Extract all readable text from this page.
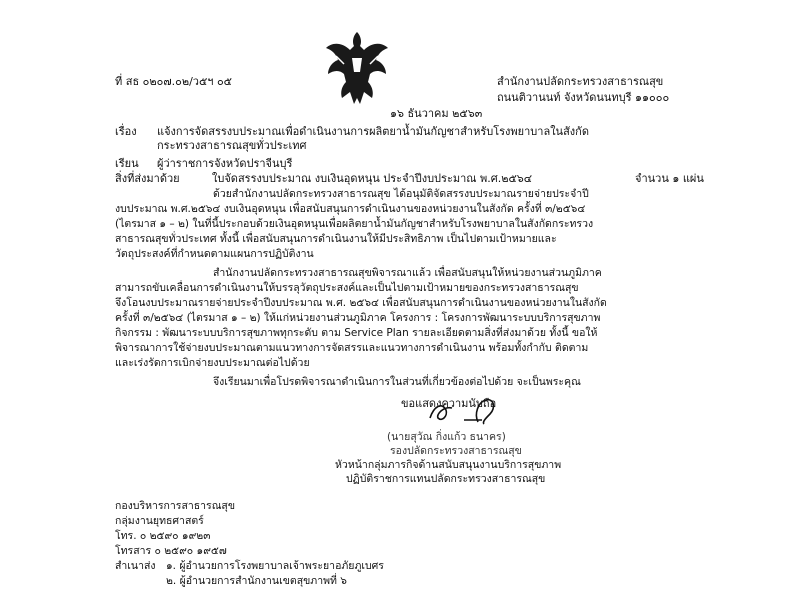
ที่ สธ ๐๒๐๗.๐๒/ว๕ฯ ๐๕	สำนักงานปลัดกระทรวงสาธารณสุข
ถนนติวานนท์ จังหวัดนนทบุรี ๑๑๐๐๐
๑๖ ธันวาคม ๒๕๖๓
เรื่อง แจ้งการจัดสรรงบประมาณเพื่อดำเนินงานการผลิตยาน้ำมันกัญชาสำหรับโรงพยาบาลในสังกัด
กระทรวงสาธารณสุขทั่วประเทศ
เรียน ผู้ว่าราชการจังหวัดปราจีนบุรี
สิ่งที่ส่งมาด้วย	ใบจัดสรรงบประมาณ งบเงินอุดหนุน ประจำปีงบประมาณ พ.ศ.๒๕๖๔	จำนวน ๑ แผ่น
ด้วยสำนักงานปลัดกระทรวงสาธารณสุข ได้อนุมัติจัดสรรงบประมาณรายจ่ายประจำปี
งบประมาณ พ.ศ.๒๕๖๔ งบเงินอุดหนุน เพื่อสนับสนุนการดำเนินงานของหน่วยงานในสังกัด ครั้งที่ ๓/๒๕๖๔
(ไตรมาส ๑ – ๒) ในที่นี้ประกอบด้วยเงินอุดหนุนเพื่อผลิตยาน้ำมันกัญชาสำหรับโรงพยาบาลในสังกัดกระทรวง
สาธารณสุขทั่วประเทศ ทั้งนี้ เพื่อสนับสนุนการดำเนินงานให้มีประสิทธิภาพ เป็นไปตามเป้าหมายและ
วัตถุประสงค์ที่กำหนดตามแผนการปฏิบัติงาน
สำนักงานปลัดกระทรวงสาธารณสุขพิจารณาแล้ว เพื่อสนับสนุนให้หน่วยงานส่วนภูมิภาค
สามารถขับเคลื่อนการดำเนินงานให้บรรลุวัตถุประสงค์และเป็นไปตามเป้าหมายของกระทรวงสาธารณสุข
จึงโอนงบประมาณรายจ่ายประจำปีงบประมาณ พ.ศ. ๒๕๖๔ เพื่อสนับสนุนการดำเนินงานของหน่วยงานในสังกัด
ครั้งที่ ๓/๒๕๖๔ (ไตรมาส ๑ – ๒) ให้แก่หน่วยงานส่วนภูมิภาค โครงการ : โครงการพัฒนาระบบบริการสุขภาพ
กิจกรรม : พัฒนาระบบบริการสุขภาพทุกระดับ ตาม Service Plan รายละเอียดตามสิ่งที่ส่งมาด้วย ทั้งนี้ ขอให้
พิจารณาการใช้จ่ายงบประมาณตามแนวทางการจัดสรรและแนวทางการดำเนินงาน พร้อมทั้งกำกับ ติดตาม
และเร่งรัดการเบิกจ่ายงบประมาณต่อไปด้วย
จึงเรียนมาเพื่อโปรดพิจารณาดำเนินการในส่วนที่เกี่ยวข้องต่อไปด้วย จะเป็นพระคุณ
ขอแสดงความนับถือ
(นายสุวัณ กิ่งแก้ว ธนาคร)
รองปลัดกระทรวงสาธารณสุข
หัวหน้ากลุ่มภารกิจด้านสนับสนุนงานบริการสุขภาพ
ปฏิบัติราชการแทนปลัดกระทรวงสาธารณสุข
กองบริหารการสาธารณสุข
กลุ่มงานยุทธศาสตร์
โทร. ๐ ๒๕๙๐ ๑๙๒๓
โทรสาร ๐ ๒๕๙๐ ๑๙๕๗
สำเนาส่ง ๑. ผู้อำนวยการโรงพยาบาลเจ้าพระยาอภัยภูเบศร
๒. ผู้อำนวยการสำนักงานเขตสุขภาพที่ ๖
